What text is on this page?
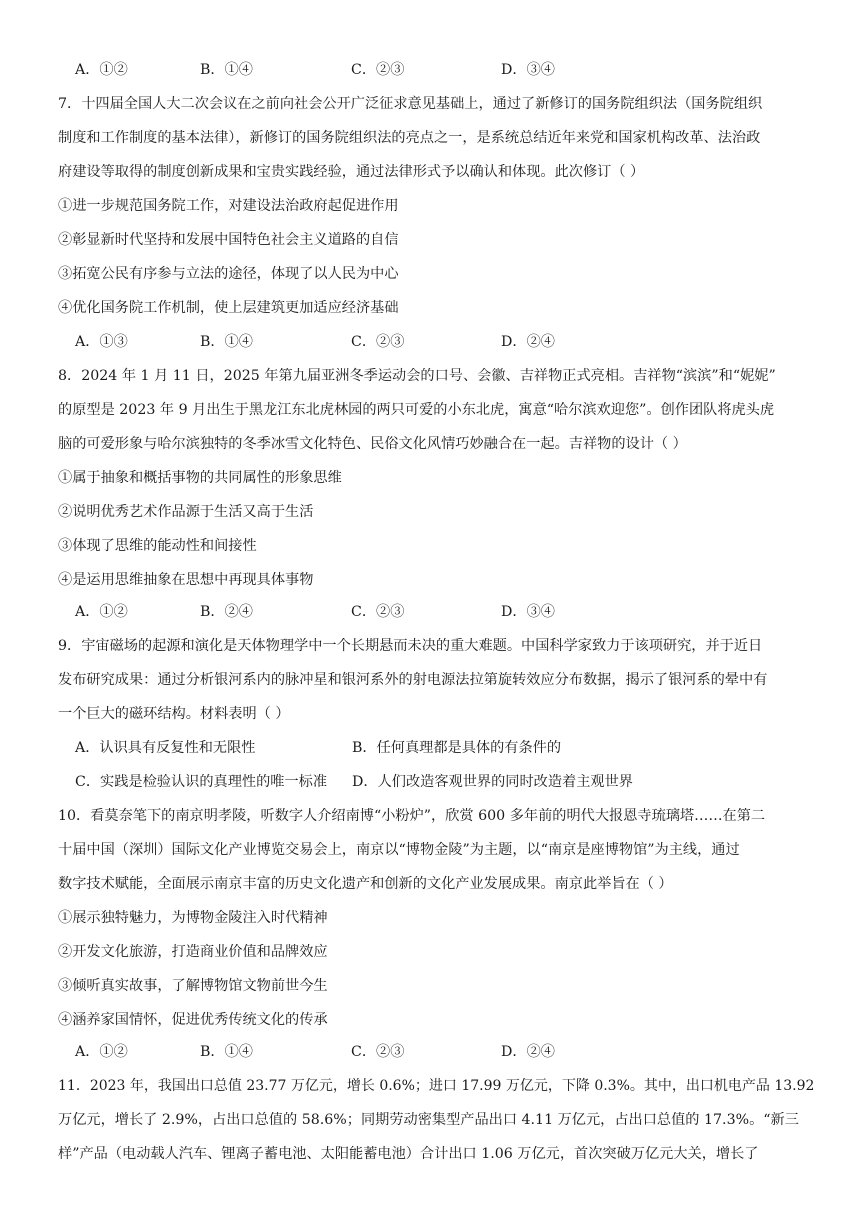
A．①②	B．①④	C．②③	D．③④
7．十四届全国人大二次会议在之前向社会公开广泛征求意见基础上，通过了新修订的国务院组织法（国务院组织
制度和工作制度的基本法律），新修订的国务院组织法的亮点之一，是系统总结近年来党和国家机构改革、法治政
府建设等取得的制度创新成果和宝贵实践经验，通过法律形式予以确认和体现。此次修订（ ）
①进一步规范国务院工作，对建设法治政府起促进作用
②彰显新时代坚持和发展中国特色社会主义道路的自信
③拓宽公民有序参与立法的途径，体现了以人民为中心
④优化国务院工作机制，使上层建筑更加适应经济基础
A．①③	B．①④	C．②③	D．②④
8．2024 年 1 月 11 日，2025 年第九届亚洲冬季运动会的口号、会徽、吉祥物正式亮相。吉祥物“滨滨”和“妮妮”
的原型是 2023 年 9 月出生于黑龙江东北虎林园的两只可爱的小东北虎，寓意“哈尔滨欢迎您”。创作团队将虎头虎
脑的可爱形象与哈尔滨独特的冬季冰雪文化特色、民俗文化风情巧妙融合在一起。吉祥物的设计（ ）
①属于抽象和概括事物的共同属性的形象思维
②说明优秀艺术作品源于生活又高于生活
③体现了思维的能动性和间接性
④是运用思维抽象在思想中再现具体事物
A．①②	B．②④	C．②③	D．③④
9．宇宙磁场的起源和演化是天体物理学中一个长期悬而未决的重大难题。中国科学家致力于该项研究，并于近日
发布研究成果：通过分析银河系内的脉冲星和银河系外的射电源法拉第旋转效应分布数据，揭示了银河系的晕中有
一个巨大的磁环结构。材料表明（ ）
A．认识具有反复性和无限性	B．任何真理都是具体的有条件的
C．实践是检验认识的真理性的唯一标准 D．人们改造客观世界的同时改造着主观世界
10．看莫奈笔下的南京明孝陵，听数字人介绍南博“小粉炉”，欣赏 600 多年前的明代大报恩寺琉璃塔……在第二
十届中国（深圳）国际文化产业博览交易会上，南京以“博物金陵”为主题，以“南京是座博物馆”为主线，通过
数字技术赋能，全面展示南京丰富的历史文化遗产和创新的文化产业发展成果。南京此举旨在（ ）
①展示独特魅力，为博物金陵注入时代精神
②开发文化旅游，打造商业价值和品牌效应
③倾听真实故事，了解博物馆文物前世今生
④涵养家国情怀，促进优秀传统文化的传承
A．①②	B．①④	C．②③	D．②④
11．2023 年，我国出口总值 23.77 万亿元，增长 0.6%；进口 17.99 万亿元，下降 0.3%。其中，出口机电产品 13.92
万亿元，增长了 2.9%，占出口总值的 58.6%；同期劳动密集型产品出口 4.11 万亿元，占出口总值的 17.3%。“新三
样”产品（电动载人汽车、锂离子蓄电池、太阳能蓄电池）合计出口 1.06 万亿元，首次突破万亿元大关，增长了
